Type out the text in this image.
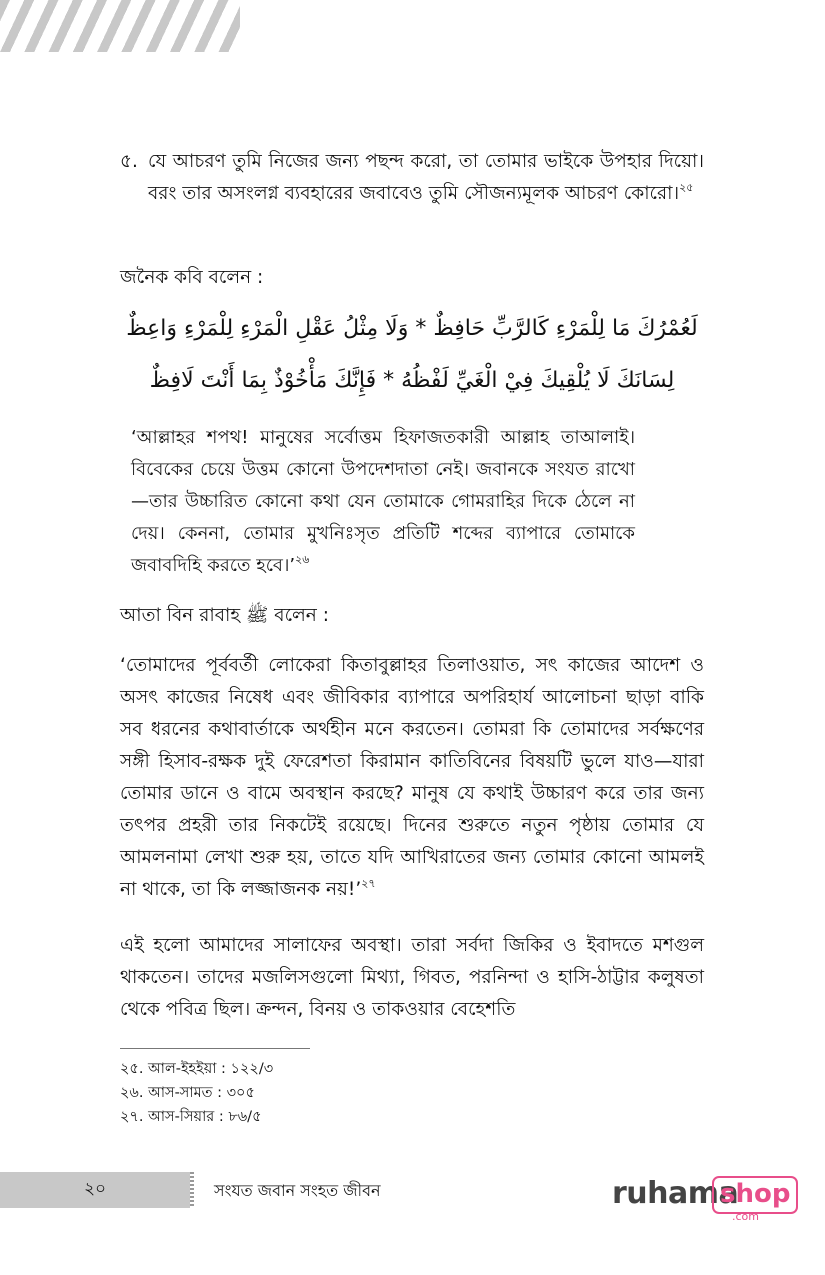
৫. যে আচরণ তুমি নিজের জন্য পছন্দ করো, তা তোমার ভাইকে উপহার দিয়ো। বরং তার অসংলগ্ন ব্যবহারের জবাবেও তুমি সৌজন্যমূলক আচরণ কোরো।$^{২৫}$
জনৈক কবি বলেন :
لَعُمْرُكَ مَا لِلْمَرْءِ كَالرَّبِّ حَافِظٌ * وَلَا مِثْلُ عَقْلِ الْمَرْءِ لِلْمَرْءِ وَاعِظٌ
لِسَانَكَ لَا يُلْقِيكَ فِيْ الْغَيِّ لَفْظُهُ * فَإِنَّكَ مَأْخُوْذٌ بِمَا أَنْتَ لَافِظٌ
‘আল্লাহর শপথ! মানুষের সর্বোত্তম হিফাজতকারী আল্লাহ তাআলাই। বিবেকের চেয়ে উত্তম কোনো উপদেশদাতা নেই। জবানকে সংযত রাখো—তার উচ্চারিত কোনো কথা যেন তোমাকে গোমরাহির দিকে ঠেলে না দেয়। কেননা, তোমার মুখনিঃসৃত প্রতিটি শব্দের ব্যাপারে তোমাকে জবাবদিহি করতে হবে।’$^{২৬}$
আতা বিন রাবাহ ﷺ বলেন :
‘তোমাদের পূর্ববর্তী লোকেরা কিতাবুল্লাহর তিলাওয়াত, সৎ কাজের আদেশ ও অসৎ কাজের নিষেধ এবং জীবিকার ব্যাপারে অপরিহার্য আলোচনা ছাড়া বাকি সব ধরনের কথাবার্তাকে অর্থহীন মনে করতেন। তোমরা কি তোমাদের সর্বক্ষণের সঙ্গী হিসাব-রক্ষক দুই ফেরেশতা কিরামান কাতিবিনের বিষয়টি ভুলে যাও—যারা তোমার ডানে ও বামে অবস্থান করছে? মানুষ যে কথাই উচ্চারণ করে তার জন্য তৎপর প্রহরী তার নিকটেই রয়েছে। দিনের শুরুতে নতুন পৃষ্ঠায় তোমার যে আমলনামা লেখা শুরু হয়, তাতে যদি আখিরাতের জন্য তোমার কোনো আমলই না থাকে, তা কি লজ্জাজনক নয়!’$^{২৭}$
এই হলো আমাদের সালাফের অবস্থা। তারা সর্বদা জিকির ও ইবাদতে মশগুল থাকতেন। তাদের মজলিসগুলো মিথ্যা, গিবত, পরনিন্দা ও হাসি-ঠাট্টার কলুষতা থেকে পবিত্র ছিল। ক্রন্দন, বিনয় ও তাকওয়ার বেহেশতি
২৫. আল-ইহইয়া : ১২২/৩
২৬. আস-সামত : ৩০৫
২৭. আস-সিয়ার : ৮৬/৫
২০	সংযত জবান সংহত জীবন	ruhama
shop
.com
